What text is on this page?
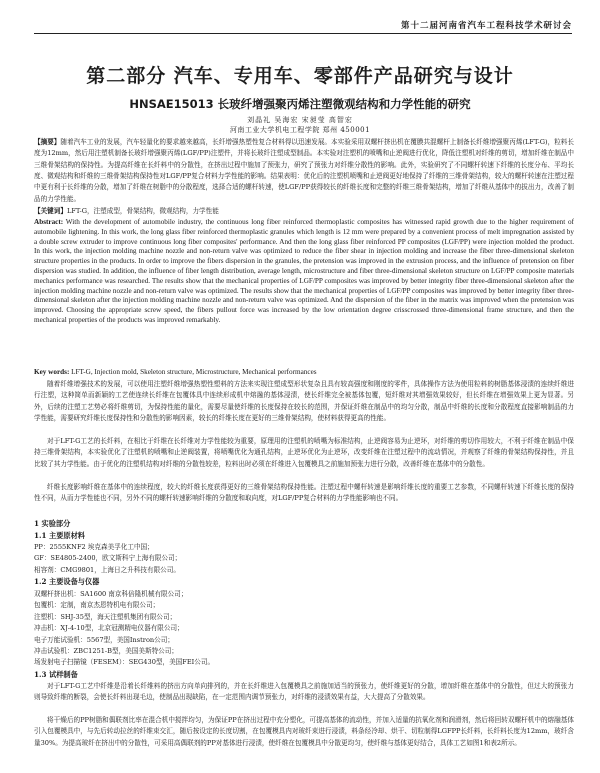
第十二届河南省汽车工程科技学术研讨会
第二部分 汽车、专用车、零部件产品研究与设计
HNSAE15013 长玻纤增强聚丙烯注塑微观结构和力学性能的研究
刘晶礼 吴海宏 宋昶莹 高智宏
河南工业大学机电工程学院 郑州 450001
【摘要】随着汽车工业的发展，汽车轻量化的要求越来越高，长纤增强热塑性复合材料得以迅速发展。本实验采用双螺杆挤出机在覆膜共混螺杆上制备长纤维增强聚丙烯(LFT-G)，粒料长度为12mm，然后用注塑机制备长玻纤增强聚丙烯(LGF/PP)注塑件，并将长玻纤注塑成型制品。本实验对注塑机的喷嘴和止逆阀进行优化，降低注塑机对纤维的剪切，增加纤维在制品中三维骨架结构的保持性。为提高纤维在长纤料中的分散性，在挤出过程中施加了预张力，研究了预张力对纤维分散性的影响。此外，实验研究了不同螺杆转速下纤维的长度分布、平均长度、微观结构和纤维的三维骨架结构保持性对LGF/PP复合材料力学性能的影响。结果表明：优化后的注塑机喷嘴和止逆阀更好地保持了纤维的三维骨架结构，较大的螺杆转速在注塑过程中更有利于长纤维的分散，增加了纤维在树脂中的分散程度，选择合适的螺杆转速，使LGF/PP获得较长的纤维长度和完整的纤维三维骨架结构，增加了纤维从基体中的拔出力，改善了制品的力学性能。
【关键词】LFT-G，注塑成型，骨架结构，微观结构，力学性能
Abstract: With the development of automobile industry, the continuous long fiber reinforced thermoplastic composites has witnessed rapid growth due to the higher requirement of automobile lightening. In this work, the long glass fiber reinforced thermoplastic granules which length is 12 mm were prepared by a convenient process of melt impregnation assisted by a double screw extruder to improve continuous long fiber composites' performance. And then the long glass fiber reinforced PP composites (LGF/PP) were injection molded the product. In this work, the injection molding machine nozzle and non-return valve was optimized to reduce the fiber shear in injection molding and increase the fiber three-dimensional skeleton structure properties in the products. In order to improve the fibers dispersion in the granules, the pretension was improved in the extrusion process, and the influence of pretension on fiber dispersion was studied. In addition, the influence of fiber length distribution, average length, microstructure and fiber three-dimensional skeleton structure on LGF/PP composite materials mechanics performance was researched. The results show that the mechanical properties of LGF/PP composites was improved by better integrity fiber three-dimensional skeleton after the injection molding machine nozzle and non-return valve was optimized. The results show that the mechanical properties of LGF/PP composites was improved by better integrity fiber three-dimensional skeleton after the injection molding machine nozzle and non-return valve was optimized. And the dispersion of the fiber in the matrix was improved when the pretension was improved. Choosing the appropriate screw speed, the fibers pullout force was increased by the low orientation degree crisscrossed three-dimensional frame structure, and then the mechanical properties of the products was improved remarkably.
Key words: LFT-G, Injection mold, Skeleton structure, Microstructure, Mechanical performances
随着纤维增强技术的发展，可以使用注塑纤维增强热塑性塑料的方法来实现注塑成型形状复杂且具有较高强度和刚度的零件，具体操作方法为使用粒料的树脂基体浸渍的连续纤维进行注塑，这种简单而新颖的工艺使连续长纤维在包覆体具中连续形成机中熔融的基体浸渍，使长纤维完全被基体包覆，短纤维对其增强效果较好，但长纤维在增强效果上更为显著。另外，后续的注塑工艺势必将纤维剪切，为保持性能的量化，需要尽量使纤维的长度保持在较长的范围，并保证纤维在制品中的均匀分散，制品中纤维的长度和分散程度直接影响制品的力学性能，需要研究纤维长度保持性和分散性的影响因素，较长的纤维长度在更好的三维骨架结构，使材料获得更高的性能。
对于LFT-G工艺的长纤料，在相比于纤维在长纤维对力学性能较为重要，原理用的注塑机的喷嘴为标准结构，止逆阀容易为止逆环，对纤维的剪切作用较大，不利于纤维在制品中保持三维骨架结构，本实验优化了注塑机的喷嘴和止逆阀装置，将喷嘴优化为通孔结构，止逆环优化为止逆环，改变纤维在注塑过程中的流动情况，并观察了纤维的骨架结构保持性，并且比较了其力学性能。由于优化的注塑机结构对纤维的分散性较差，粒料出时必须在纤维进入包覆模具之前施加预张力进行分散，改善纤维在基体中的分散性。
纤维长度影响纤维在基体中的连续程度，较大的纤维长度获得更好的三维骨架结构保持性能。注塑过程中螺杆转速是影响纤维长度的重要工艺参数，不同螺杆转速下纤维长度的保持性不同，从而力学性能也不同，另外不同的螺杆转速影响纤维的分散度和取向度，对LGF/PP复合材料的力学性能影响也不同。
1 实验部分
1.1 主要原材料
PP：2555KNF2 埃克森美孚化工中国；
GF：SE4805-2400，欧文斯科宁上海有限公司；
相容剂：CMG9801，上海日之升科技有限公司。
1.2 主要设备与仪器
双螺杆挤出机：SA1600 南京科倍隆机械有限公司；
包覆机：定制，南京杰恩特机电有限公司；
注塑机：SHJ-35型，海天注塑机集团有限公司；
冲击机：XJ-4-10型，北京冠测精电仪器有限公司；
电子万能试验机：5567型，美国Instron公司；
冲击试验机：ZBC1251-B型，美国美斯特公司；
场发射电子扫描镜（FESEM）：SEG430型，美国FEI公司。
1.3 试样制备
对于LFT-G工艺中纤维是沿着长纤维料的挤出方向单向排列的，并在长纤维进入包覆模具之前施加适当的预张力，使纤维更好的分散，增加纤维在基体中的分散性，但过大的预张力则导致纤维的断裂，会使长纤料出现毛边，使制品出现缺陷，在一定范围内调节预张力，对纤维的浸渍效果有益，大大提高了分散效果。
将干燥后的PP树脂和偶联剂比率在混合机中搅拌均匀，为保证PP在挤出过程中充分塑化，可提高基体的流动性，并加入适量的抗氧化剂和润滑剂，然后将回转双螺杆机中的熔融基体引入包覆模具中，与先后转动拉丝的纤维束交汇，随后按设定的长度切割，在包覆模具内对玻纤束进行浸渍，料条经冷却、烘干、切粒制得LGFPP长纤料，长纤料长度为12mm，玻纤含量30%。为提高玻纤在挤出中的分散性，可采用高偶联剂的PP对基体进行浸渍，使纤维在包覆模具中分散更均匀，使纤维与基体更好结合，具体工艺如图1和表2所示。
